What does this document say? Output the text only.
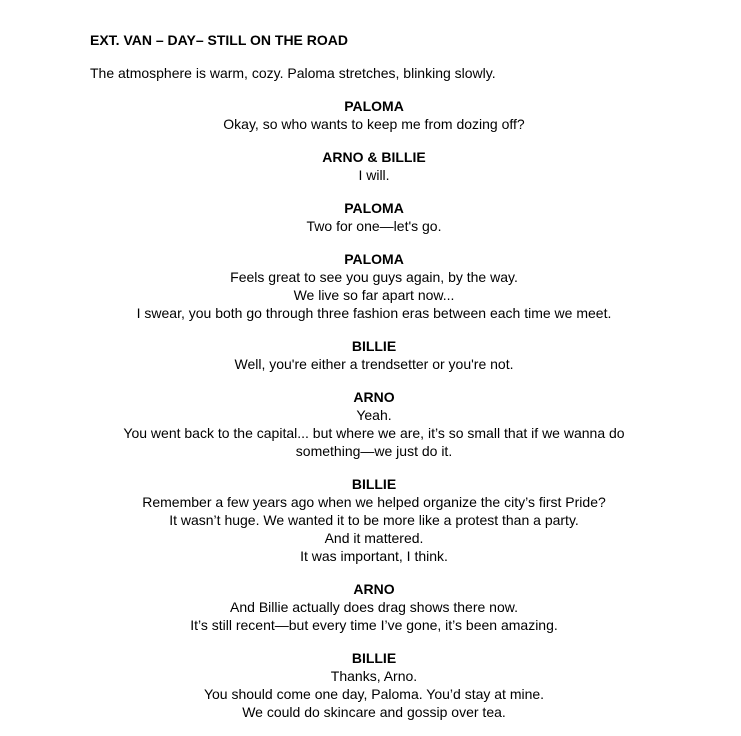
EXT. VAN – DAY– STILL ON THE ROAD
The atmosphere is warm, cozy. Paloma stretches, blinking slowly.
PALOMA
Okay, so who wants to keep me from dozing off?
ARNO & BILLIE
I will.
PALOMA
Two for one—let's go.
PALOMA
Feels great to see you guys again, by the way.
We live so far apart now...
I swear, you both go through three fashion eras between each time we meet.
BILLIE
Well, you're either a trendsetter or you're not.
ARNO
Yeah.
You went back to the capital... but where we are, it’s so small that if we wanna do
something—we just do it.
BILLIE
Remember a few years ago when we helped organize the city’s first Pride?
It wasn’t huge. We wanted it to be more like a protest than a party.
And it mattered.
It was important, I think.
ARNO
And Billie actually does drag shows there now.
It’s still recent—but every time I’ve gone, it’s been amazing.
BILLIE
Thanks, Arno.
You should come one day, Paloma. You’d stay at mine.
We could do skincare and gossip over tea.
